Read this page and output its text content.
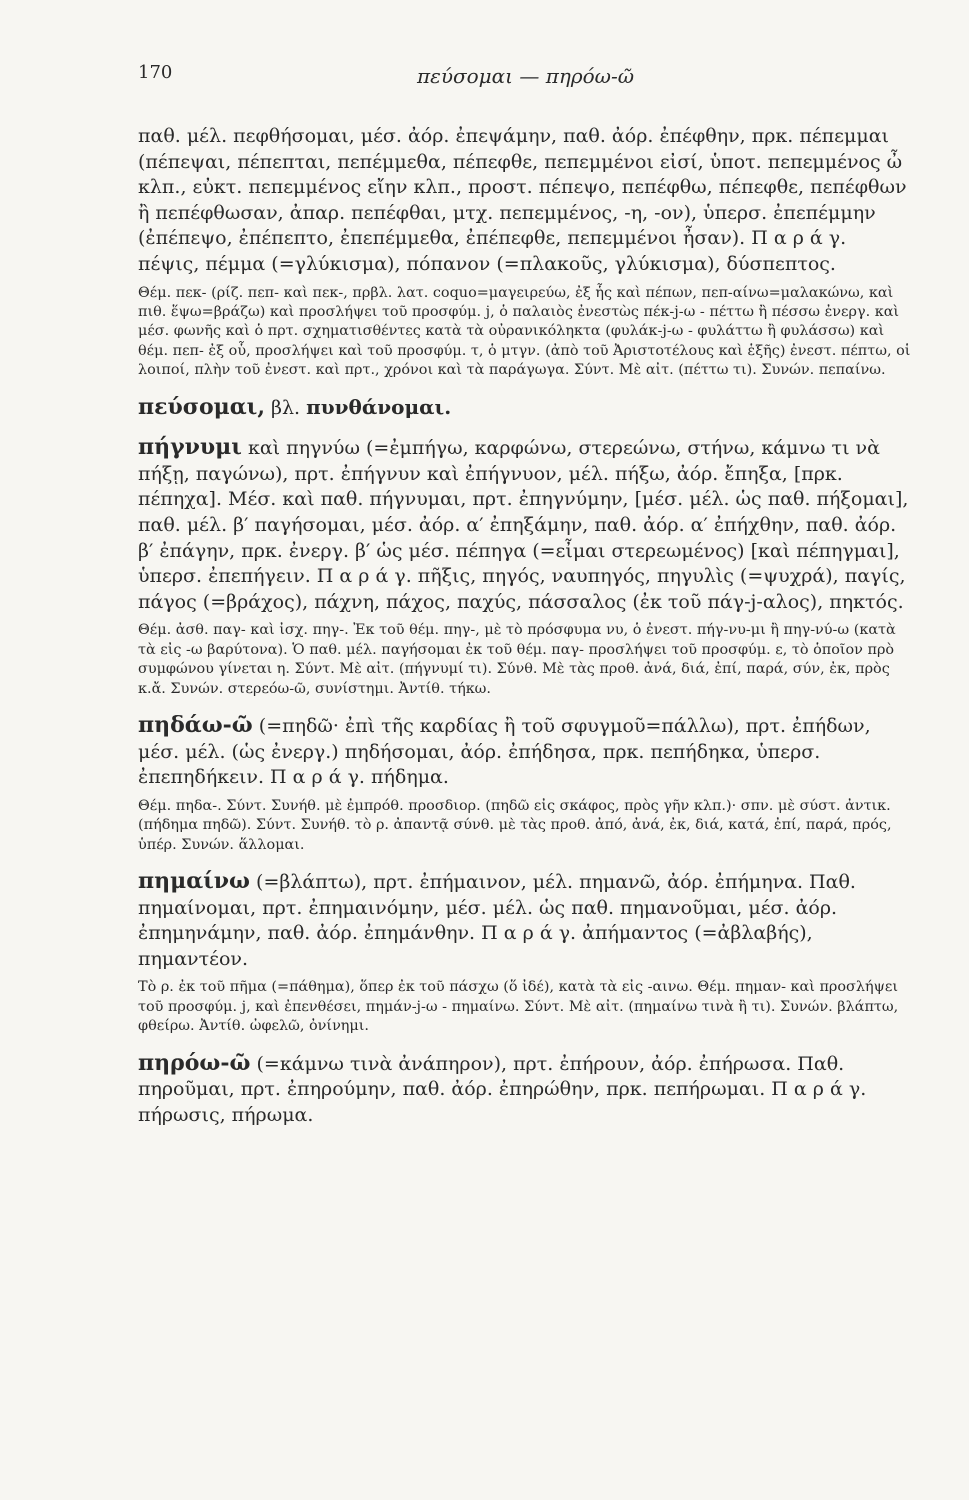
170	πεύσομαι — πηρόω-ῶ

παθ. μέλ. πεφθήσομαι, μέσ. ἀόρ. ἐπεψάμην, παθ. ἀόρ. ἐπέφθην, πρκ. πέπεμμαι (πέπεψαι, πέπεπται, πεπέμμεθα, πέπεφθε, πεπεμμένοι εἰσί, ὑποτ. πεπεμμένος ὦ κλπ., εὐκτ. πεπεμμένος εἴην κλπ., προστ. πέπεψο, πεπέφθω, πέπεφθε, πεπέφθων ἢ πεπέφθωσαν, ἀπαρ. πεπέφθαι, μτχ. πεπεμμένος, -η, -ον), ὑπερσ. ἐπεπέμμην (ἐπέπεψο, ἐπέπεπτο, ἐπεπέμμεθα, ἐπέπεφθε, πεπεμμένοι ἦσαν). Π α ρ ά γ. πέψις, πέμμα (=γλύκισμα), πόπανον (=πλακοῦς, γλύκισμα), δύσπεπτος.

Θέμ. πεκ- (ρίζ. πεπ- καὶ πεκ-, πρβλ. λατ. coquo=μαγειρεύω, ἐξ ἧς καὶ πέπων, πεπ-αίνω=μαλακώνω, καὶ πιθ. ἕψω=βράζω) καὶ προσλήψει τοῦ προσφύμ. j, ὁ παλαιὸς ἐνεστὼς πέκ-j-ω - πέττω ἢ πέσσω ἐνεργ. καὶ μέσ. φωνῆς καὶ ὁ πρτ. σχηματισθέντες κατὰ τὰ οὐρανικόληκτα (φυλάκ-j-ω - φυλάττω ἢ φυλάσσω) καὶ θέμ. πεπ- ἐξ οὗ, προσλήψει καὶ τοῦ προσφύμ. τ, ὁ μτγν. (ἀπὸ τοῦ Ἀριστοτέλους καὶ ἑξῆς) ἐνεστ. πέπτω, οἱ λοιποί, πλὴν τοῦ ἐνεστ. καὶ πρτ., χρόνοι καὶ τὰ παράγωγα. Σύντ. Μὲ αἰτ. (πέττω τι). Συνών. πεπαίνω.

πεύσομαι, βλ. πυνθάνομαι.

πήγνυμι καὶ πηγνύω (=ἐμπήγω, καρφώνω, στερεώνω, στήνω, κάμνω τι νὰ πήξῃ, παγώνω), πρτ. ἐπήγνυν καὶ ἐπήγνυον, μέλ. πήξω, ἀόρ. ἔπηξα, [πρκ. πέπηχα]. Μέσ. καὶ παθ. πήγνυμαι, πρτ. ἐπηγνύμην, [μέσ. μέλ. ὡς παθ. πήξομαι], παθ. μέλ. β′ παγήσομαι, μέσ. ἀόρ. α′ ἐπηξάμην, παθ. ἀόρ. α′ ἐπήχθην, παθ. ἀόρ. β′ ἐπάγην, πρκ. ἐνεργ. β′ ὡς μέσ. πέπηγα (=εἶμαι στερεωμένος) [καὶ πέπηγμαι], ὑπερσ. ἐπεπήγειν. Π α ρ ά γ. πῆξις, πηγός, ναυπηγός, πηγυλὶς (=ψυχρά), παγίς, πάγος (=βράχος), πάχνη, πάχος, παχύς, πάσσαλος (ἐκ τοῦ πάγ-j-αλος), πηκτός.

Θέμ. ἀσθ. παγ- καὶ ἰσχ. πηγ-. Ἐκ τοῦ θέμ. πηγ-, μὲ τὸ πρόσφυμα νυ, ὁ ἐνεστ. πήγ-νυ-μι ἢ πηγ-νύ-ω (κατὰ τὰ εἰς -ω βαρύτονα). Ὁ παθ. μέλ. παγήσομαι ἐκ τοῦ θέμ. παγ- προσλήψει τοῦ προσφύμ. ε, τὸ ὁποῖον πρὸ συμφώνου γίνεται η. Σύντ. Μὲ αἰτ. (πήγνυμί τι). Σύνθ. Μὲ τὰς προθ. ἀνά, διά, ἐπί, παρά, σύν, ἐκ, πρὸς κ.ἄ. Συνών. στερεόω-ῶ, συνίστημι. Ἀντίθ. τήκω.

πηδάω-ῶ (=πηδῶ· ἐπὶ τῆς καρδίας ἢ τοῦ σφυγμοῦ=πάλλω), πρτ. ἐπήδων, μέσ. μέλ. (ὡς ἐνεργ.) πηδήσομαι, ἀόρ. ἐπήδησα, πρκ. πεπήδηκα, ὑπερσ. ἐπεπηδήκειν. Π α ρ ά γ. πήδημα.

Θέμ. πηδα-. Σύντ. Συνήθ. μὲ ἐμπρόθ. προσδιορ. (πηδῶ εἰς σκάφος, πρὸς γῆν κλπ.)· σπν. μὲ σύστ. ἀντικ. (πήδημα πηδῶ). Σύντ. Συνήθ. τὸ ρ. ἀπαντᾷ σύνθ. μὲ τὰς προθ. ἀπό, ἀνά, ἐκ, διά, κατά, ἐπί, παρά, πρός, ὑπέρ. Συνών. ἅλλομαι.

πημαίνω (=βλάπτω), πρτ. ἐπήμαινον, μέλ. πημανῶ, ἀόρ. ἐπήμηνα. Παθ. πημαίνομαι, πρτ. ἐπημαινόμην, μέσ. μέλ. ὡς παθ. πημανοῦμαι, μέσ. ἀόρ. ἐπημηνάμην, παθ. ἀόρ. ἐπημάνθην. Π α ρ ά γ. ἀπήμαντος (=ἀβλαβής), πημαντέον.

Τὸ ρ. ἐκ τοῦ πῆμα (=πάθημα), ὅπερ ἐκ τοῦ πάσχω (ὅ ἰδέ), κατὰ τὰ εἰς -αινω. Θέμ. πημαν- καὶ προσλήψει τοῦ προσφύμ. j, καὶ ἐπενθέσει, πημάν-j-ω - πημαίνω. Σύντ. Μὲ αἰτ. (πημαίνω τινὰ ἢ τι). Συνών. βλάπτω, φθείρω. Ἀντίθ. ὠφελῶ, ὀνίνημι.

πηρόω-ῶ (=κάμνω τινὰ ἀνάπηρον), πρτ. ἐπήρουν, ἀόρ. ἐπήρωσα. Παθ. πηροῦμαι, πρτ. ἐπηρούμην, παθ. ἀόρ. ἐπηρώθην, πρκ. πεπήρωμαι. Π α ρ ά γ. πήρωσις, πήρωμα.
